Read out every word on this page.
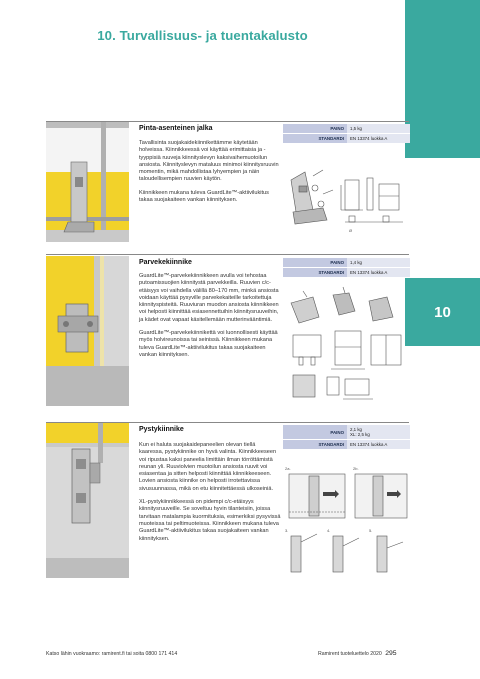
10
10. Turvallisuus- ja tuentakalusto
Pinta-asenteinen jalka

Tavallisinta suojakaidekiinnikettämme käytetään holveissa. Kiinnikkeessä voi käyttää erimittaisia ja -tyyppisiä ruuveja kiinnityslevyn kaksivaihemuotoilun ansiosta. Kiinnityslevyn mataluus minimoi kiinnitysruuvin momentin, mikä mahdollistaa lyhyempien ja näin taloudellisempien ruuvien käytön.

Kiinnikkeen mukana tuleva GuardLite™-aktiivilukitus takaa suojakaiteen vankan kiinnityksen.

PAINO	1,5 kg
STANDARDI	EN 13374 luokka A
Ø
Parvekekiinnike

GuardLite™-parvekekiinnikkeen avulla voi tehostaa putoamissuojien kiinnitystä parvekkeilla. Ruuvien c/c-etäisyys voi vaihdella välillä 80–170 mm, minkä ansiosta voidaan käyttää pysyville parvekekaiteille tarkoitettuja kiinnityspisteitä. Ruuviuran muodon ansiosta kiinnikkeen voi helposti kiinnittää esiasennettuihin kiinnitysruuveihin, ja kädet ovat vapaat käsitellemään mutterinvääntimiä.

GuardLite™-parvekekiinnikettä voi luonnollisesti käyttää myös holvireunoissa tai seinissä. Kiinnikkeen mukana tuleva GuardLite™-aktiivilukitus takaa suojakaiteen vankan kiinnityksen.

PAINO	1,4 kg
STANDARDI	EN 13374 luokka A
Pystykiinnike

Kun ei haluta suojakaidepaneelien olevan tiellä kaaressa, pystykiinnike on hyvä valinta. Kiinnikkeeseen voi ripustaa kaksi paneelia limittäin ilman törröttämistä reunan yli. Ruuviolvien muotoilun ansiosta ruuvit voi esiasentaa ja sitten helposti kiinnittää kiinnikkeeseen. Lovien ansiosta kiinnike on helposti irrotettavissa sivusuunnassa, mikä on etu kiinnitettäessä ulkoseiniä.

XL-pystykiinnikkeessä on pidempi c/c-etäisyys kiinnitysruuveille. Se soveltuu hyvin tilanteisiin, joissa tarvitaan matalampia kuormituksia, esimerkiksi pysyvissä muoteissa tai peltimuoteissa. Kiinnikkeen mukana tuleva GuardLite™-aktiivilukitus takaa suojakaiteen vankan kiinnityksen.

PAINO	2,1 kg
XL: 2,5 kg
STANDARDI	EN 13374 luokka A
2a.	2b.
3.	4.	5.
Katso lähin vuokraamo: ramirent.fi tai soita 0800 171 414	Ramirent tuoteluettelo 2020 295
